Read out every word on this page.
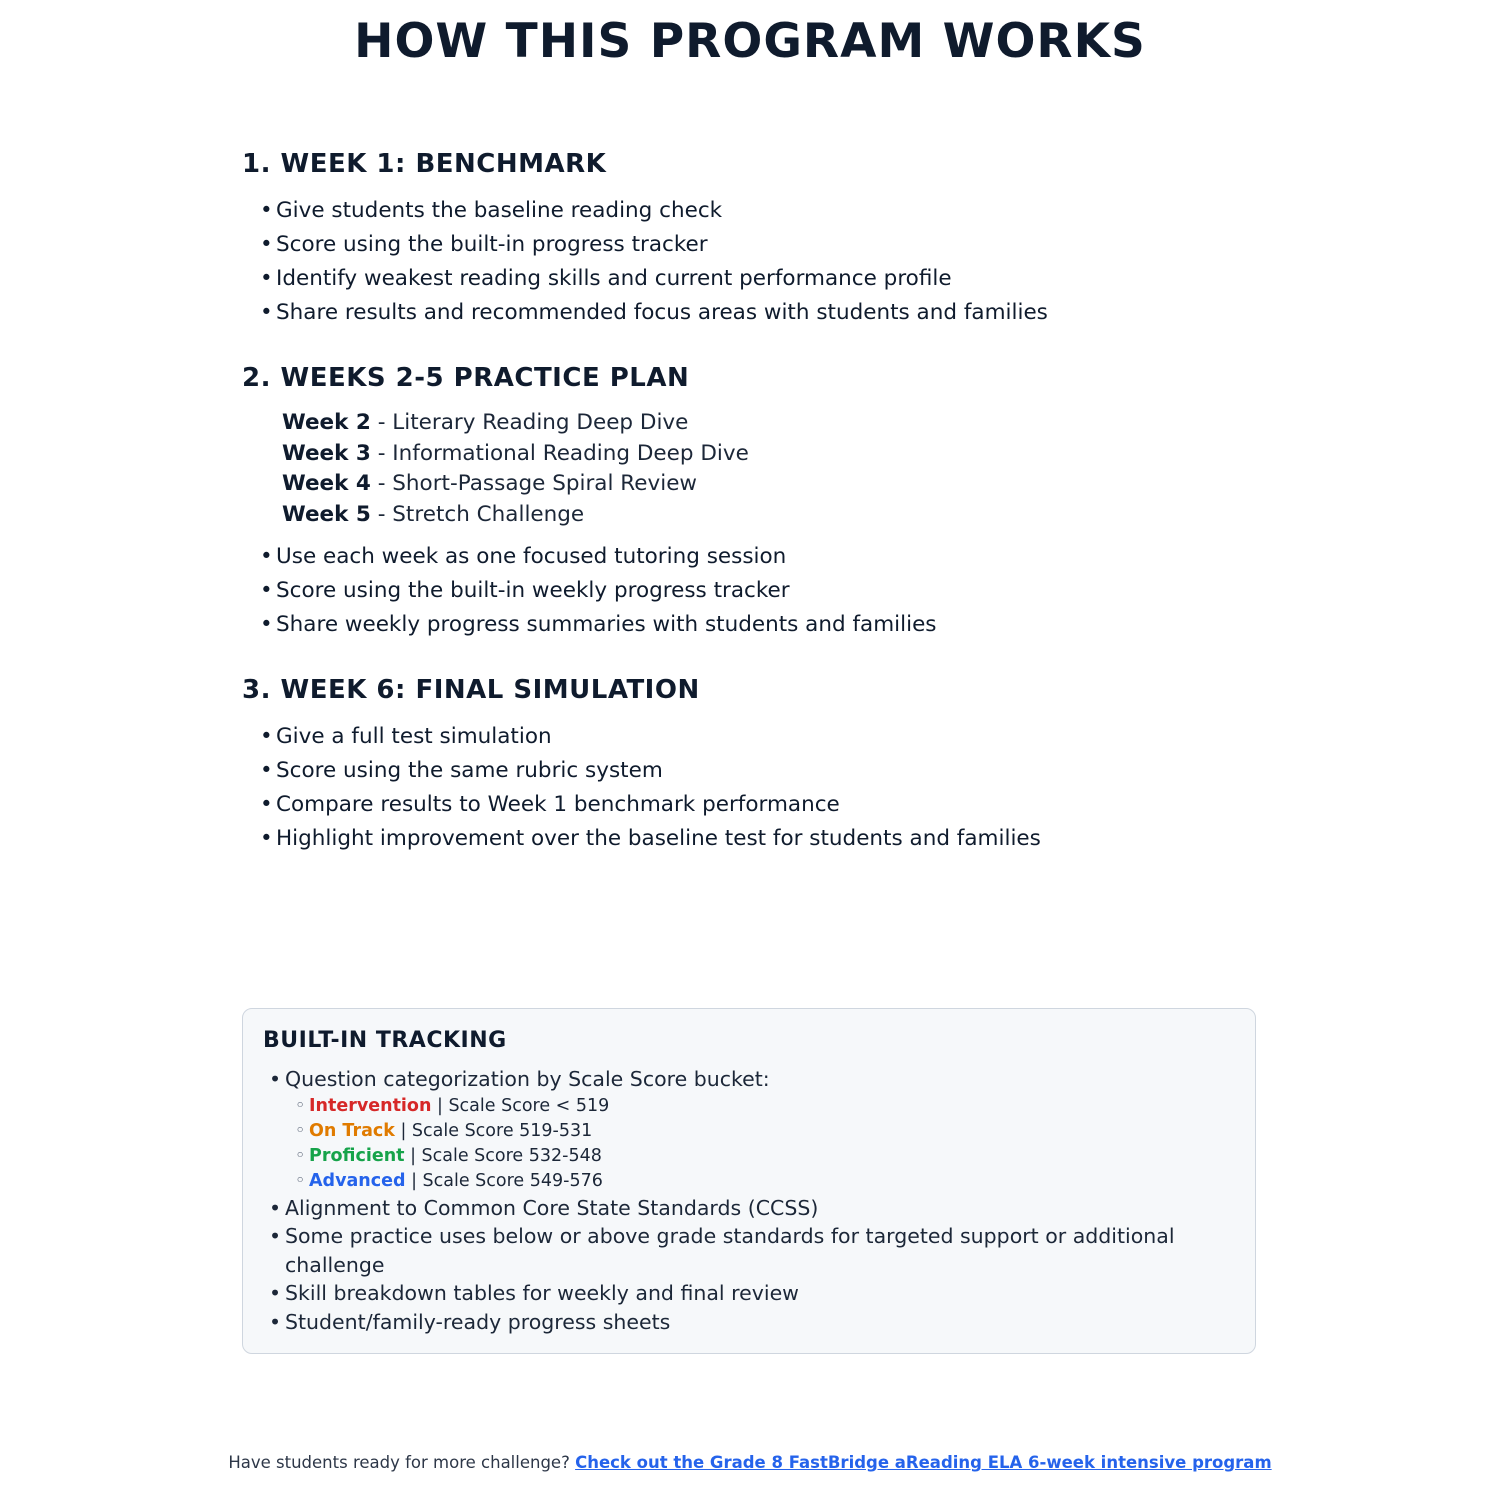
HOW THIS PROGRAM WORKS
1. WEEK 1: BENCHMARK
• Give students the baseline reading check
• Score using the built-in progress tracker
• Identify weakest reading skills and current performance profile
• Share results and recommended focus areas with students and families
2. WEEKS 2-5 PRACTICE PLAN
Week 2 - Literary Reading Deep Dive
Week 3 - Informational Reading Deep Dive
Week 4 - Short-Passage Spiral Review
Week 5 - Stretch Challenge
• Use each week as one focused tutoring session
• Score using the built-in weekly progress tracker
• Share weekly progress summaries with students and families
3. WEEK 6: FINAL SIMULATION
• Give a full test simulation
• Score using the same rubric system
• Compare results to Week 1 benchmark performance
• Highlight improvement over the baseline test for students and families
BUILT-IN TRACKING
• Question categorization by Scale Score bucket:
◦ Intervention | Scale Score < 519
◦ On Track | Scale Score 519-531
◦ Proficient | Scale Score 532-548
◦ Advanced | Scale Score 549-576
• Alignment to Common Core State Standards (CCSS)
• Some practice uses below or above grade standards for targeted support or additional challenge
• Skill breakdown tables for weekly and final review
• Student/family-ready progress sheets
Have students ready for more challenge? Check out the Grade 8 FastBridge aReading ELA 6-week intensive program
